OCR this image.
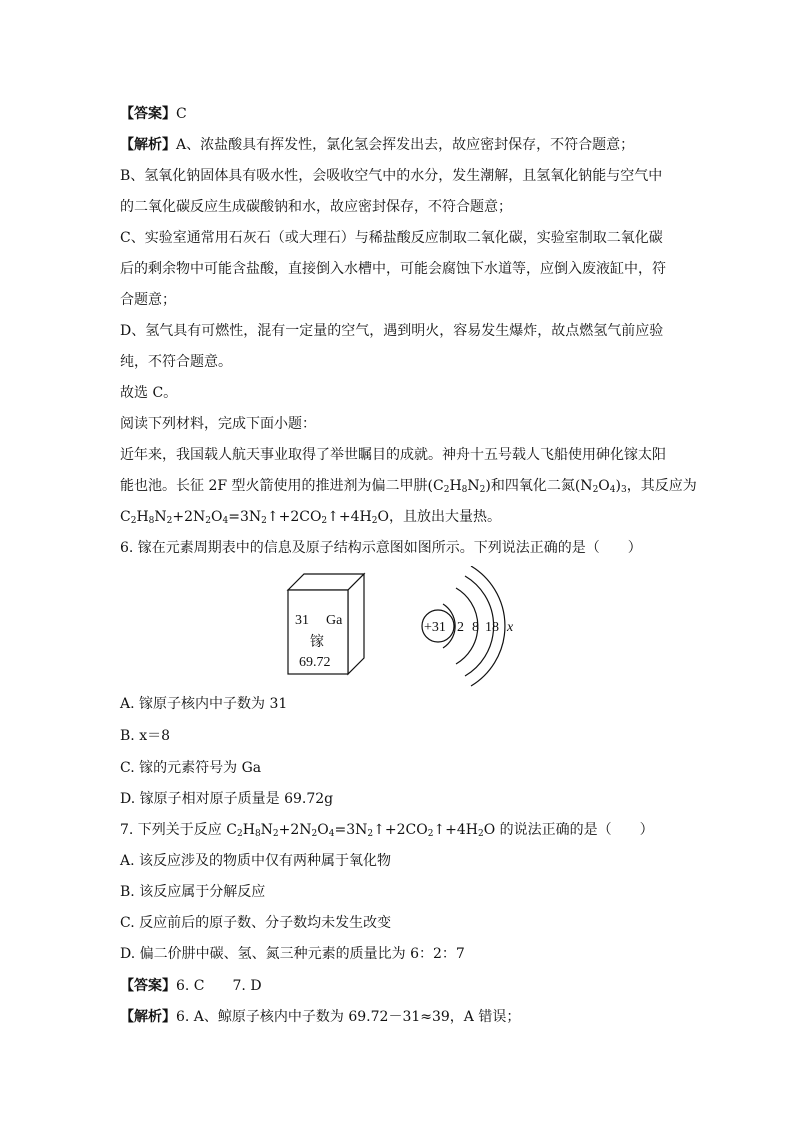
【答案】C
【解析】A、浓盐酸具有挥发性，氯化氢会挥发出去，故应密封保存，不符合题意；
B、氢氧化钠固体具有吸水性，会吸收空气中的水分，发生潮解，且氢氧化钠能与空气中
的二氧化碳反应生成碳酸钠和水，故应密封保存，不符合题意；
C、实验室通常用石灰石（或大理石）与稀盐酸反应制取二氧化碳，实验室制取二氧化碳
后的剩余物中可能含盐酸，直接倒入水槽中，可能会腐蚀下水道等，应倒入废液缸中，符
合题意；
D、氢气具有可燃性，混有一定量的空气，遇到明火，容易发生爆炸，故点燃氢气前应验
纯，不符合题意。
故选 C。
阅读下列材料，完成下面小题：
近年来，我国载人航天事业取得了举世瞩目的成就。神舟十五号载人飞船使用砷化镓太阳
能也池。长征 2F 型火箭使用的推进剂为偏二甲肼$(C_2H_8N_2)$和四氧化二氮$(N_2O_4)_3$，其反应为
$C_2H_8N_2+2N_2O_4=3N_2↑+2CO_2↑+4H_2O$，且放出大量热。
6. 镓在元素周期表中的信息及原子结构示意图如图所示。下列说法正确的是（　　）
31 Ga
镓
69.72
+31 2 8 18 x
A. 镓原子核内中子数为 31
B. x＝8
C. 镓的元素符号为 Ga
D. 镓原子相对原子质量是 69.72g
7. 下列关于反应 $C_2H_8N_2+2N_2O_4=3N_2↑+2CO_2↑+4H_2O$ 的说法正确的是（　　）
A. 该反应涉及的物质中仅有两种属于氧化物
B. 该反应属于分解反应
C. 反应前后的原子数、分子数均未发生改变
D. 偏二价肼中碳、氢、氮三种元素的质量比为 6：2：7
【答案】6. C　　7. D
【解析】6. A、鲸原子核内中子数为 69.72－31≈39，A 错误；
